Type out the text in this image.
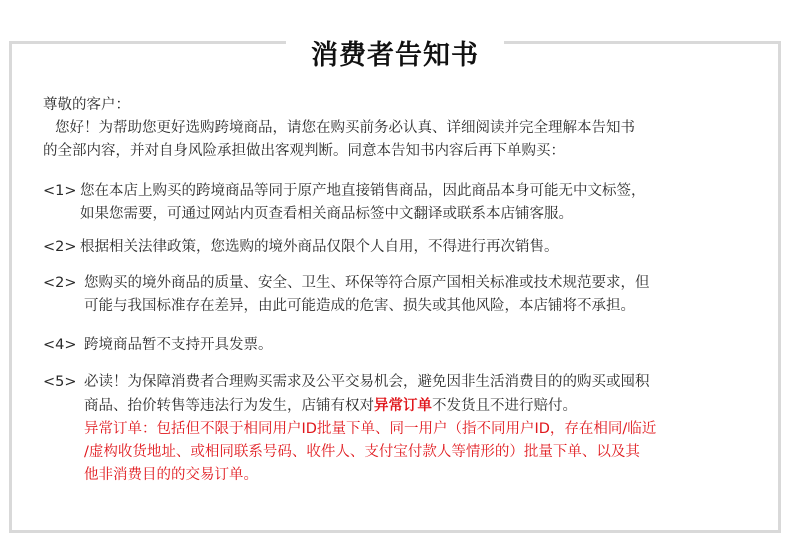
消费者告知书
尊敬的客户：
您好！为帮助您更好选购跨境商品，请您在购买前务必认真、详细阅读并完全理解本告知书
的全部内容，并对自身风险承担做出客观判断。同意本告知书内容后再下单购买：
<1> 您在本店上购买的跨境商品等同于原产地直接销售商品，因此商品本身可能无中文标签，
如果您需要，可通过网站内页查看相关商品标签中文翻译或联系本店铺客服。
<2> 根据相关法律政策，您选购的境外商品仅限个人自用，不得进行再次销售。
<2> 您购买的境外商品的质量、安全、卫生、环保等符合原产国相关标准或技术规范要求，但
可能与我国标准存在差异，由此可能造成的危害、损失或其他风险，本店铺将不承担。
<4> 跨境商品暂不支持开具发票。
<5> 必读！为保障消费者合理购买需求及公平交易机会，避免因非生活消费目的的购买或囤积
商品、抬价转售等违法行为发生，店铺有权对异常订单不发货且不进行赔付。
异常订单：包括但不限于相同用户ID批量下单、同一用户（指不同用户ID，存在相同/临近
/虚构收货地址、或相同联系号码、收件人、支付宝付款人等情形的）批量下单、以及其
他非消费目的的交易订单。
